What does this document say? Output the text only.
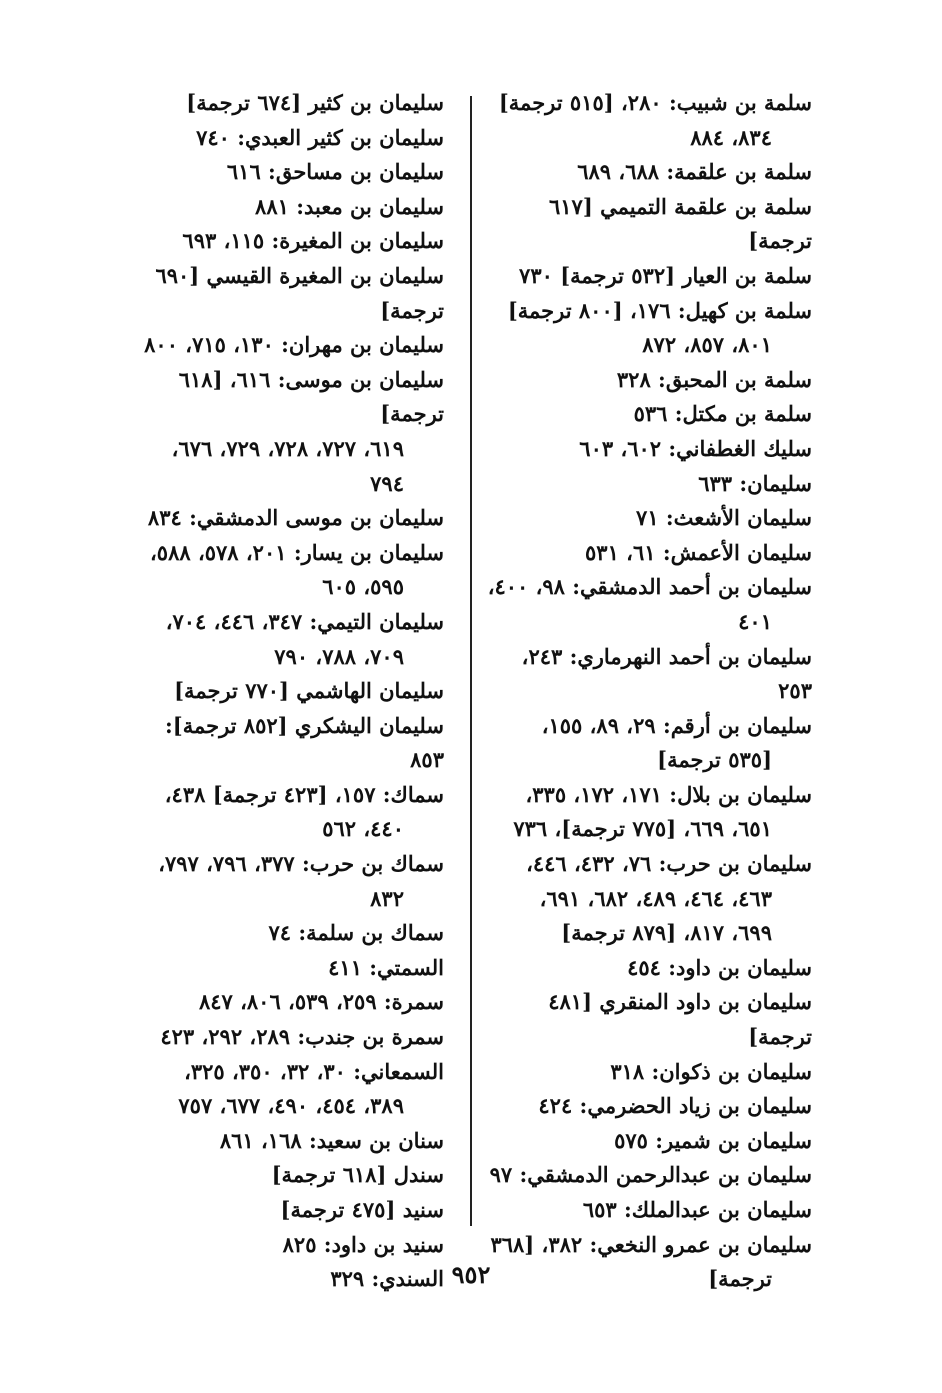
سلمة بن شبيب: ٢٨٠، [٥١٥ ترجمة]
٨٣٤، ٨٨٤
سلمة بن علقمة: ٦٨٨، ٦٨٩
سلمة بن علقمة التميمي [٦١٧ ترجمة]
سلمة بن العيار [٥٣٢ ترجمة] ٧٣٠
سلمة بن كهيل: ١٧٦، [٨٠٠ ترجمة]
٨٠١، ٨٥٧، ٨٧٢
سلمة بن المحبق: ٣٢٨
سلمة بن مكتل: ٥٣٦
سليك الغطفاني: ٦٠٢، ٦٠٣
سليمان: ٦٣٣
سليمان الأشعث: ٧١
سليمان الأعمش: ٦١، ٥٣١
سليمان بن أحمد الدمشقي: ٩٨، ٤٠٠،
٤٠١
سليمان بن أحمد النهرماري: ٢٤٣، ٢٥٣
سليمان بن أرقم: ٢٩، ٨٩، ١٥٥،
[٥٣٥ ترجمة]
سليمان بن بلال: ١٧١، ١٧٢، ٣٣٥،
٦٥١، ٦٦٩، [٧٧٥ ترجمة]، ٧٣٦
سليمان بن حرب: ٧٦، ٤٣٢، ٤٤٦،
٤٦٣، ٤٦٤، ٤٨٩، ٦٨٢، ٦٩١،
٦٩٩، ٨١٧، [٨٧٩ ترجمة]
سليمان بن داود: ٤٥٤
سليمان بن داود المنقري [٤٨١ ترجمة]
سليمان بن ذكوان: ٣١٨
سليمان بن زياد الحضرمي: ٤٢٤
سليمان بن شمير: ٥٧٥
سليمان بن عبدالرحمن الدمشقي: ٩٧
سليمان بن عبدالملك: ٦٥٣
سليمان بن عمرو النخعي: ٣٨٢، [٣٦٨
ترجمة]
سليمان بن كثير [٦٧٤ ترجمة]
سليمان بن كثير العبدي: ٧٤٠
سليمان بن مساحق: ٦١٦
سليمان بن معبد: ٨٨١
سليمان بن المغيرة: ١١٥، ٦٩٣
سليمان بن المغيرة القيسي [٦٩٠ ترجمة]
سليمان بن مهران: ١٣٠، ٧١٥، ٨٠٠
سليمان بن موسى: ٦١٦، [٦١٨ ترجمة]
٦١٩، ٧٢٧، ٧٢٨، ٧٢٩، ٦٧٦،
٧٩٤
سليمان بن موسى الدمشقي: ٨٣٤
سليمان بن يسار: ٢٠١، ٥٧٨، ٥٨٨،
٥٩٥، ٦٠٥
سليمان التيمي: ٣٤٧، ٤٤٦، ٧٠٤،
٧٠٩، ٧٨٨، ٧٩٠
سليمان الهاشمي [٧٧٠ ترجمة]
سليمان اليشكري [٨٥٢ ترجمة]: ٨٥٣
سماك: ١٥٧، [٤٢٣ ترجمة] ٤٣٨،
٤٤٠، ٥٦٢
سماك بن حرب: ٣٧٧، ٧٩٦، ٧٩٧،
٨٣٢
سماك بن سلمة: ٧٤
السمتي: ٤١١
سمرة: ٢٥٩، ٥٣٩، ٨٠٦، ٨٤٧
سمرة بن جندب: ٢٨٩، ٢٩٢، ٤٢٣
السمعاني: ٣٠، ٣٢، ٣٥٠، ٣٢٥،
٣٨٩، ٤٥٤، ٤٩٠، ٦٧٧، ٧٥٧
سنان بن سعيد: ١٦٨، ٨٦١
سندل [٦١٨ ترجمة]
سنيد [٤٧٥ ترجمة]
سنيد بن داود: ٨٢٥
السندي: ٣٢٩ ٩٥٢
